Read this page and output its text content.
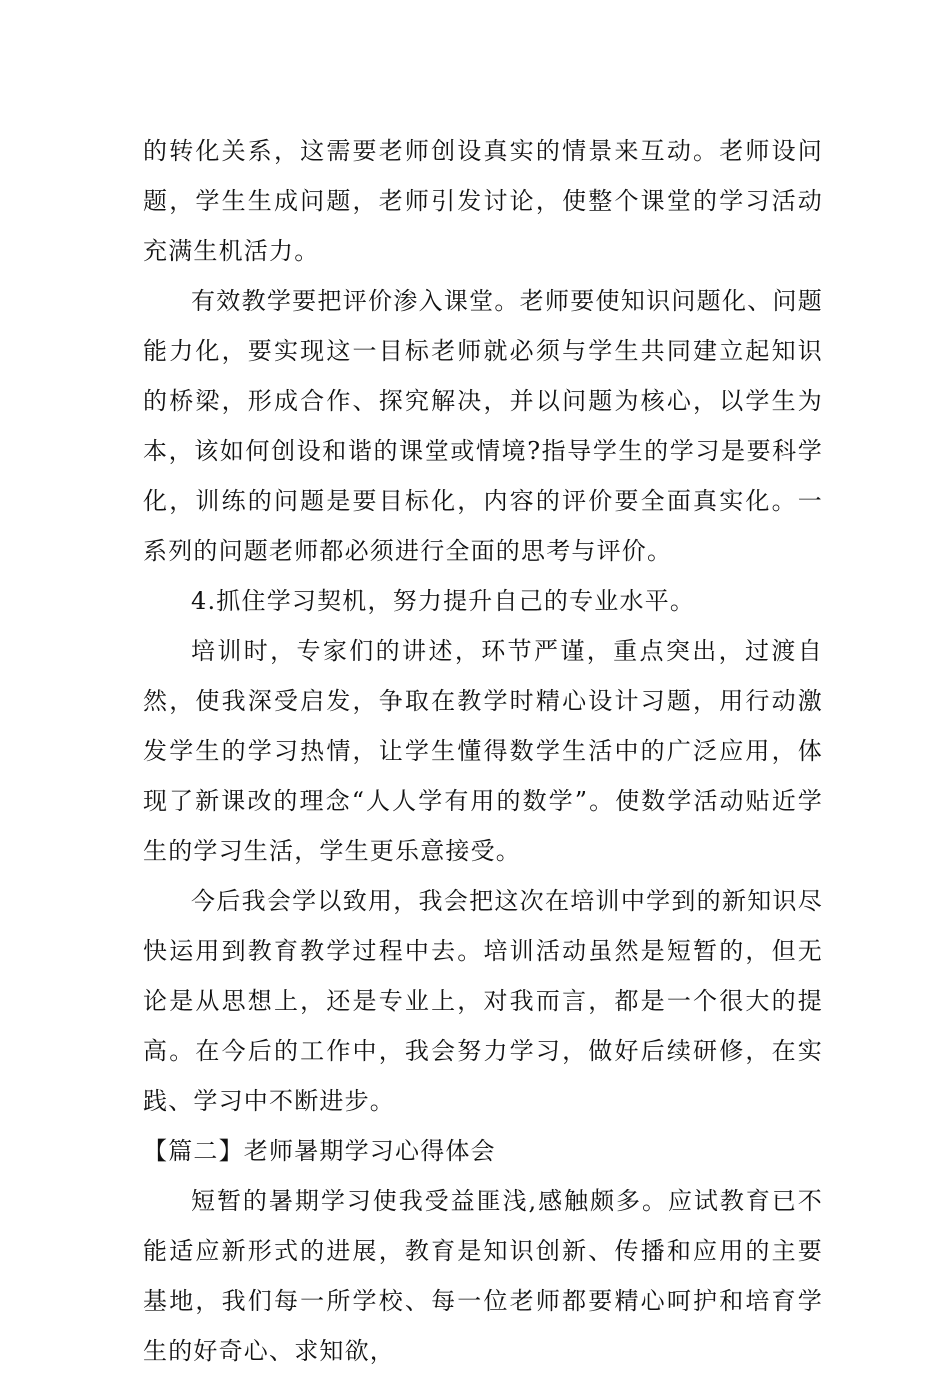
的转化关系，这需要老师创设真实的情景来互动。老师设问题，学生生成问题，老师引发讨论，使整个课堂的学习活动充满生机活力。

有效教学要把评价渗入课堂。老师要使知识问题化、问题能力化，要实现这一目标老师就必须与学生共同建立起知识的桥梁，形成合作、探究解决，并以问题为核心，以学生为本，该如何创设和谐的课堂或情境?指导学生的学习是要科学化，训练的问题是要目标化，内容的评价要全面真实化。一系列的问题老师都必须进行全面的思考与评价。

4.抓住学习契机，努力提升自己的专业水平。

培训时，专家们的讲述，环节严谨，重点突出，过渡自然，使我深受启发，争取在教学时精心设计习题，用行动激发学生的学习热情，让学生懂得数学生活中的广泛应用，体现了新课改的理念“人人学有用的数学”。使数学活动贴近学生的学习生活，学生更乐意接受。

今后我会学以致用，我会把这次在培训中学到的新知识尽快运用到教育教学过程中去。培训活动虽然是短暂的，但无论是从思想上，还是专业上，对我而言，都是一个很大的提高。在今后的工作中，我会努力学习，做好后续研修，在实践、学习中不断进步。

【篇二】老师暑期学习心得体会

短暂的暑期学习使我受益匪浅,感触颇多。应试教育已不能适应新形式的进展，教育是知识创新、传播和应用的主要基地，我们每一所学校、每一位老师都要精心呵护和培育学生的好奇心、求知欲，
